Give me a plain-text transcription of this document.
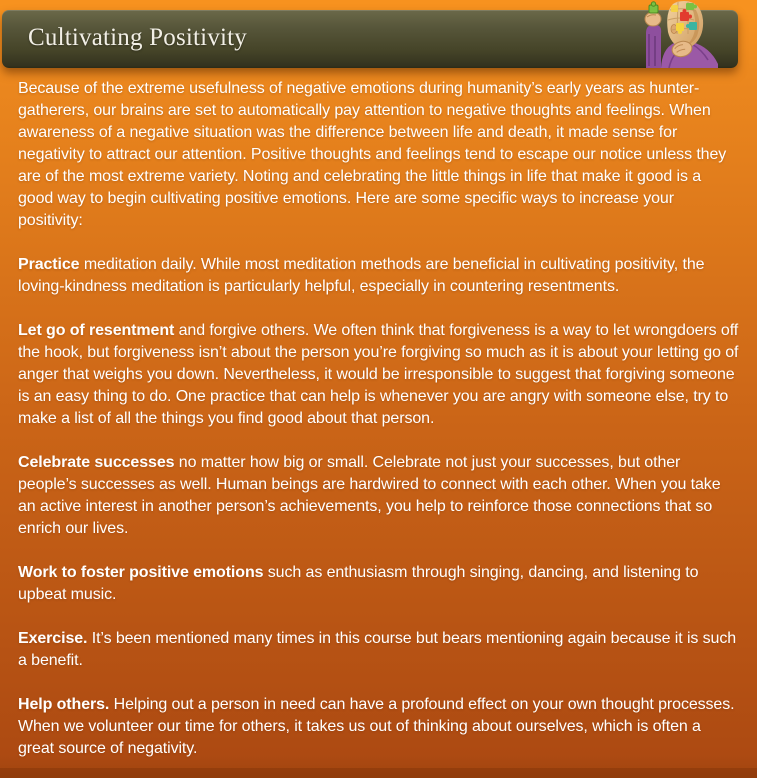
Cultivating Positivity

Because of the extreme usefulness of negative emotions during humanity’s early years as hunter-gatherers, our brains are set to automatically pay attention to negative thoughts and feelings. When awareness of a negative situation was the difference between life and death, it made sense for negativity to attract our attention. Positive thoughts and feelings tend to escape our notice unless they are of the most extreme variety. Noting and celebrating the little things in life that make it good is a good way to begin cultivating positive emotions. Here are some specific ways to increase your positivity:

Practice meditation daily. While most meditation methods are beneficial in cultivating positivity, the loving-kindness meditation is particularly helpful, especially in countering resentments.

Let go of resentment and forgive others. We often think that forgiveness is a way to let wrongdoers off the hook, but forgiveness isn’t about the person you’re forgiving so much as it is about your letting go of anger that weighs you down. Nevertheless, it would be irresponsible to suggest that forgiving someone is an easy thing to do. One practice that can help is whenever you are angry with someone else, try to make a list of all the things you find good about that person.

Celebrate successes no matter how big or small. Celebrate not just your successes, but other people’s successes as well. Human beings are hardwired to connect with each other. When you take an active interest in another person’s achievements, you help to reinforce those connections that so enrich our lives.

Work to foster positive emotions such as enthusiasm through singing, dancing, and listening to upbeat music.

Exercise. It’s been mentioned many times in this course but bears mentioning again because it is such a benefit.

Help others. Helping out a person in need can have a profound effect on your own thought processes. When we volunteer our time for others, it takes us out of thinking about ourselves, which is often a great source of negativity.
